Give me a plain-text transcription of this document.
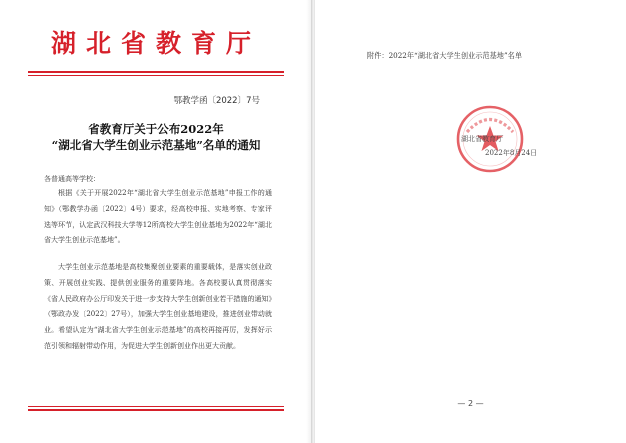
湖北省教育厅
鄂教学函〔2022〕7号
省教育厅关于公布2022年
“湖北省大学生创业示范基地”名单的通知
各普通高等学校：

根据《关于开展2022年“湖北省大学生创业示范基地”申报工作的通知》（鄂教学办函〔2022〕4号）要求，经高校申报、实地考察、专家评选等环节，认定武汉科技大学等12所高校大学生创业基地为2022年“湖北省大学生创业示范基地”。

大学生创业示范基地是高校集聚创业要素的重要载体，是落实创业政策、开展创业实践、提供创业服务的重要阵地。各高校要认真贯彻落实《省人民政府办公厅印发关于进一步支持大学生创新创业若干措施的通知》（鄂政办发〔2022〕27号），加强大学生创业基地建设，推进创业带动就业。希望认定为“湖北省大学生创业示范基地”的高校再接再厉，发挥好示范引领和辐射带动作用，为促进大学生创新创业作出更大贡献。

附件：2022年“湖北省大学生创业示范基地”名单
湖北省教育厅
2022年8月24日
— 2 —
